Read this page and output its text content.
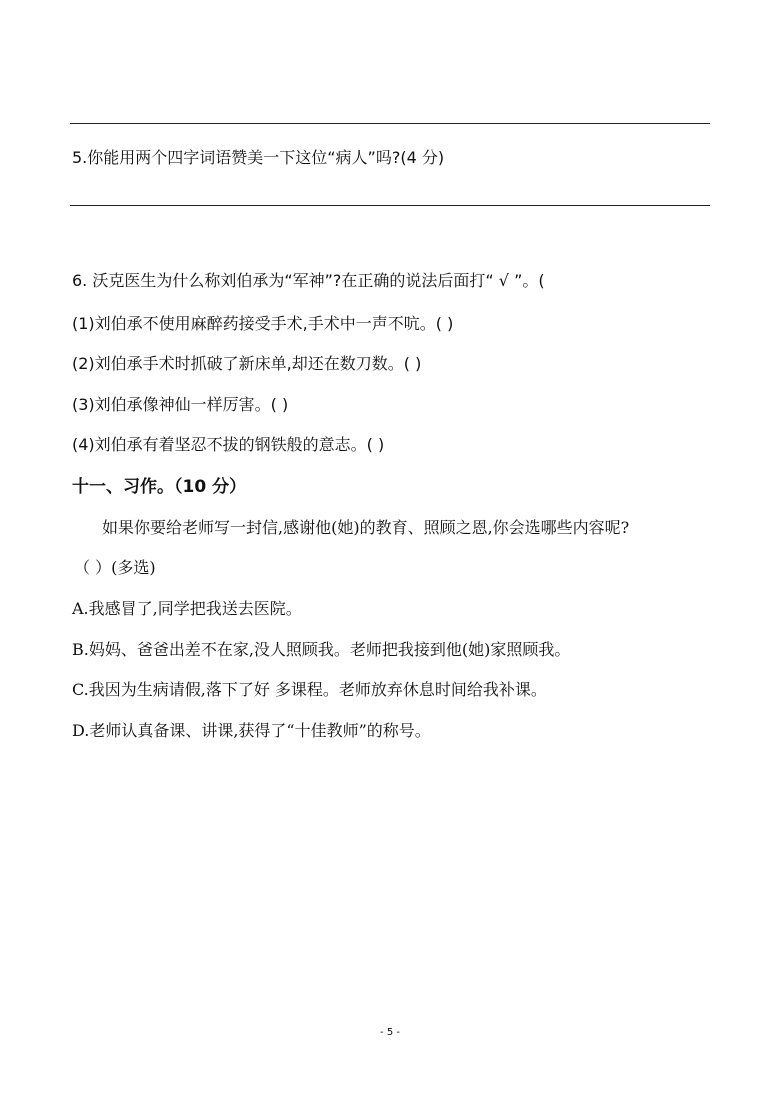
5.你能用两个四字词语赞美一下这位“病人”吗?(4 分)
6. 沃克医生为什么称刘伯承为“军神”?在正确的说法后面打“ √ ”。(
(1)刘伯承不使用麻醉药接受手术,手术中一声不吭。( )
(2)刘伯承手术时抓破了新床单,却还在数刀数。( )
(3)刘伯承像神仙一样厉害。( )
(4)刘伯承有着坚忍不拔的钢铁般的意志。( )
十一、习作。（10 分）
如果你要给老师写一封信,感谢他(她)的教育、照顾之恩,你会选哪些内容呢?
（ ）(多选)
A.我感冒了,同学把我送去医院。
B.妈妈、爸爸出差不在家,没人照顾我。老师把我接到他(她)家照顾我。
C.我因为生病请假,落下了好 多课程。老师放弃休息时间给我补课。
D.老师认真备课、讲课,获得了“十佳教师”的称号。
- 5 -
